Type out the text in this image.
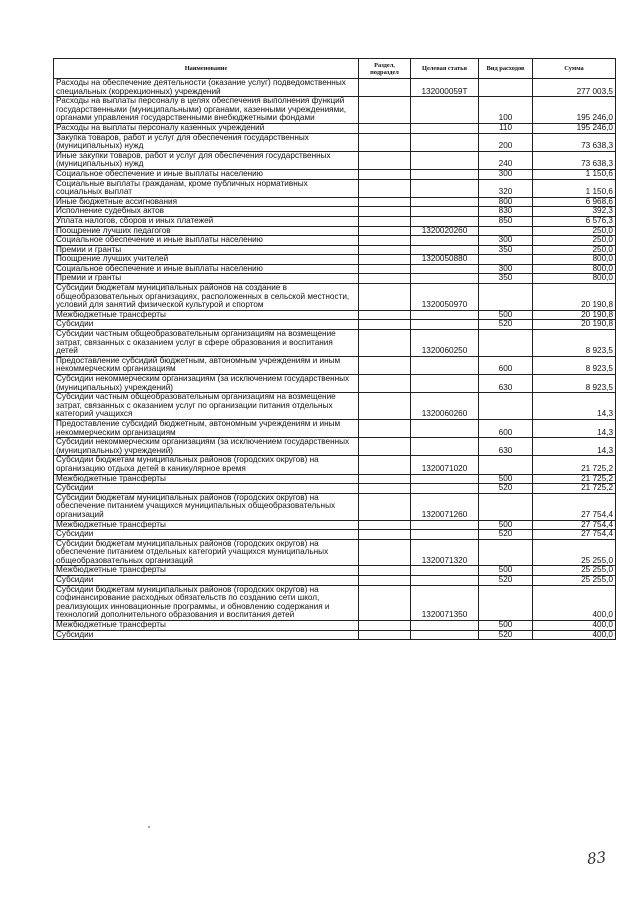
Наименование	Раздел, подраздел	Целевая статья	Вид расходов	Сумма
Расходы на обеспечение деятельности (оказание услуг) подведомственных специальных (коррекционных) учреждений		132000059Т		277 003,5
Расходы на выплаты персоналу в целях обеспечения выполнения функций государственными (муниципальными) органами, казенными учреждениями, органами управления государственными внебюджетными фондами			100	195 246,0
Расходы на выплаты персоналу казенных учреждений			110	195 246,0
Закупка товаров, работ и услуг для обеспечения государственных (муниципальных) нужд			200	73 638,3
Иные закупки товаров, работ и услуг для обеспечения государственных (муниципальных) нужд			240	73 638,3
Социальное обеспечение и иные выплаты населению			300	1 150,6
Социальные выплаты гражданам, кроме публичных нормативных социальных выплат			320	1 150,6
Иные бюджетные ассигнования			800	6 968,6
Исполнение судебных актов			830	392,3
Уплата налогов, сборов и иных платежей			850	6 576,3
Поощрение лучших педагогов		1320020260		250,0
Социальное обеспечение и иные выплаты населению			300	250,0
Премии и гранты			350	250,0
Поощрение лучших учителей		1320050880		800,0
Социальное обеспечение и иные выплаты населению			300	800,0
Премии и гранты			350	800,0
Субсидии бюджетам муниципальных районов на создание в общеобразовательных организациях, расположенных в сельской местности, условий для занятий физической культурой и спортом		1320050970		20 190,8
Межбюджетные трансферты			500	20 190,8
Субсидии			520	20 190,8
Субсидии частным общеобразовательным организациям на возмещение затрат, связанных с оказанием услуг в сфере образования и воспитания детей		1320060250		8 923,5
Предоставление субсидий бюджетным, автономным учреждениям и иным некоммерческим организациям			600	8 923,5
Субсидии некоммерческим организациям (за исключением государственных (муниципальных) учреждений)			630	8 923,5
Субсидии частным общеобразовательным организациям на возмещение затрат, связанных с оказанием услуг по организации питания отдельных категорий учащихся		1320060260		14,3
Предоставление субсидий бюджетным, автономным учреждениям и иным некоммерческим организациям			600	14,3
Субсидии некоммерческим организациям (за исключением государственных (муниципальных) учреждений)			630	14,3
Субсидии бюджетам муниципальных районов (городских округов) на организацию отдыха детей в каникулярное время		1320071020		21 725,2
Межбюджетные трансферты			500	21 725,2
Субсидии			520	21 725,2
Субсидии бюджетам муниципальных районов (городских округов) на обеспечение питанием учащихся муниципальных общеобразовательных организаций		1320071260		27 754,4
Межбюджетные трансферты			500	27 754,4
Субсидии			520	27 754,4
Субсидии бюджетам муниципальных районов (городских округов) на обеспечение питанием отдельных категорий учащихся муниципальных общеобразовательных организаций		1320071320		25 255,0
Межбюджетные трансферты			500	25 255,0
Субсидии			520	25 255,0
Субсидии бюджетам муниципальных районов (городских округов) на софинансирование расходных обязательств по созданию сети школ, реализующих инновационные программы, и обновлению содержания и технологий дополнительного образования и воспитания детей		1320071350		400,0
Межбюджетные трансферты			500	400,0
Субсидии			520	400,0
83
